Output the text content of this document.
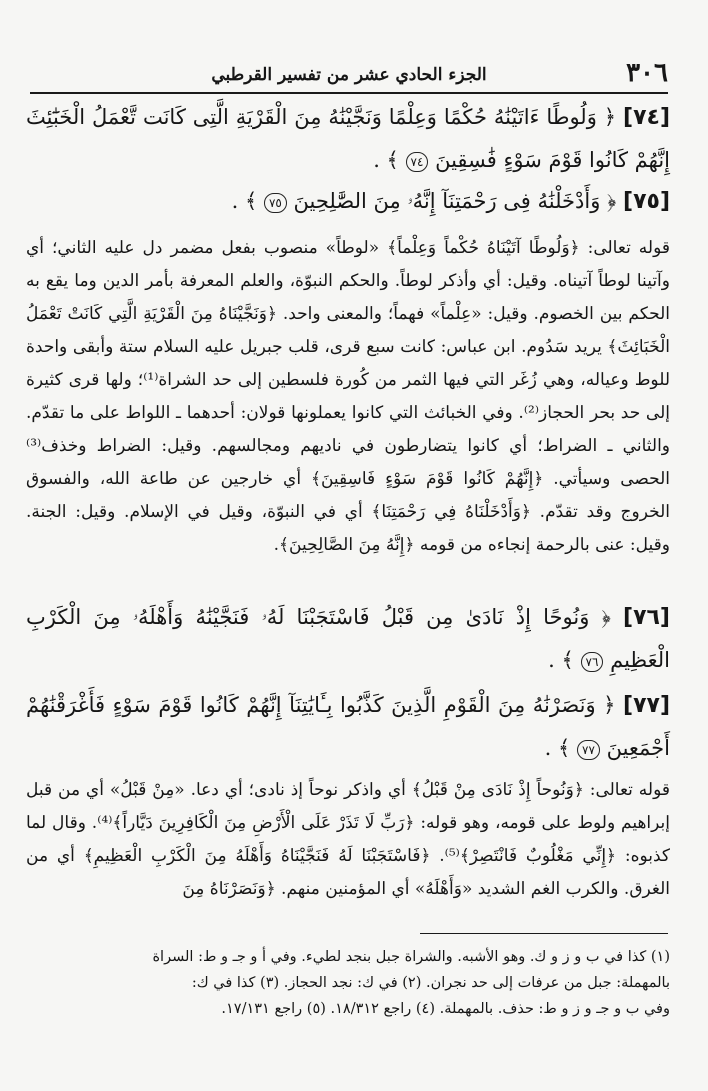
٣٠٦
الجزء الحادي عشر من تفسير القرطبي
[٧٤] ﴿ وَلُوطًا ءَاتَيْنَٰهُ حُكْمًا وَعِلْمًا وَنَجَّيْنَٰهُ مِنَ الْقَرْيَةِ الَّتِى كَانَت تَّعْمَلُ الْخَبَٰٓئِثَ إِنَّهُمْ كَانُوا قَوْمَ سَوْءٍ فَٰسِقِينَ ٧٤ ﴾ .
[٧٥] ﴿ وَأَدْخَلْنَٰهُ فِى رَحْمَتِنَآ إِنَّهُۥ مِنَ الصَّٰلِحِينَ ٧٥ ﴾ .
قوله تعالى: ﴿وَلُوطًا آتَيْنَاهُ حُكْماً وَعِلْماً﴾ «لوطاً» منصوب بفعل مضمر دل عليه الثاني؛ أي وآتينا لوطاً آتيناه. وقيل: أي وأذكر لوطاً. والحكم النبوّة، والعلم المعرفة بأمر الدين وما يقع به الحكم بين الخصوم. وقيل: «عِلْماً» فهماً؛ والمعنى واحد. ﴿وَنَجَّيْنَاهُ مِنَ الْقَرْيَةِ الَّتِي كَانَتْ تَعْمَلُ الْخَبَائِثَ﴾ يريد سَدُوم. ابن عباس: كانت سبع قرى، قلب جبريل عليه السلام ستة وأبقى واحدة للوط وعياله، وهي زُغَر التي فيها الثمر من كُورة فلسطين إلى حد الشراة⁽¹⁾؛ ولها قرى كثيرة إلى حد بحر الحجاز⁽²⁾. وفي الخبائث التي كانوا يعملونها قولان: أحدهما ـ اللواط على ما تقدّم. والثاني ـ الضراط؛ أي كانوا يتضارطون في ناديهم ومجالسهم. وقيل: الضراط وخذف⁽³⁾ الحصى وسيأتي. ﴿إِنَّهُمْ كَانُوا قَوْمَ سَوْءٍ فَاسِقِينَ﴾ أي خارجين عن طاعة الله، والفسوق الخروج وقد تقدّم. ﴿وَأَدْخَلْنَاهُ فِي رَحْمَتِنَا﴾ أي في النبوّة، وقيل في الإسلام. وقيل: الجنة. وقيل: عنى بالرحمة إنجاءه من قومه ﴿إِنَّهُ مِنَ الصَّالِحِينَ﴾.
[٧٦] ﴿ وَنُوحًا إِذْ نَادَىٰ مِن قَبْلُ فَاسْتَجَبْنَا لَهُۥ فَنَجَّيْنَٰهُ وَأَهْلَهُۥ مِنَ الْكَرْبِ الْعَظِيمِ ٧٦ ﴾ .
[٧٧] ﴿ وَنَصَرْنَٰهُ مِنَ الْقَوْمِ الَّذِينَ كَذَّبُوا بِـَٔايَٰتِنَآ إِنَّهُمْ كَانُوا قَوْمَ سَوْءٍ فَأَغْرَقْنَٰهُمْ أَجْمَعِينَ ٧٧ ﴾ .
قوله تعالى: ﴿وَنُوحاً إِذْ نَادَى مِنْ قَبْلُ﴾ أي واذكر نوحاً إذ نادى؛ أي دعا. «مِنْ قَبْلُ» أي من قبل إبراهيم ولوط على قومه، وهو قوله: ﴿رَبِّ لَا تَذَرْ عَلَى الْأَرْضِ مِنَ الْكَافِرِينَ دَيَّاراً﴾⁽⁴⁾. وقال لما كذبوه: ﴿إِنِّي مَغْلُوبٌ فَانْتَصِرْ﴾⁽⁵⁾. ﴿فَاسْتَجَبْنَا لَهُ فَنَجَّيْنَاهُ وَأَهْلَهُ مِنَ الْكَرْبِ الْعَظِيمِ﴾ أي من الغرق. والكرب الغم الشديد «وَأَهْلَهُ» أي المؤمنين منهم. ﴿وَنَصَرْنَاهُ مِنَ
(١) كذا في ب و ز و ك. وهو الأشبه. والشراة جبل بنجد لطيء. وفي أ و جـ و ط: السراة
بالمهملة: جبل من عرفات إلى حد نجران. (٢) في ك: نجد الحجاز. (٣) كذا في ك:
وفي ب و جـ و ز و ط: حذف. بالمهملة. (٤) راجع ١٨/٣١٢. (٥) راجع ١٧/١٣١.
